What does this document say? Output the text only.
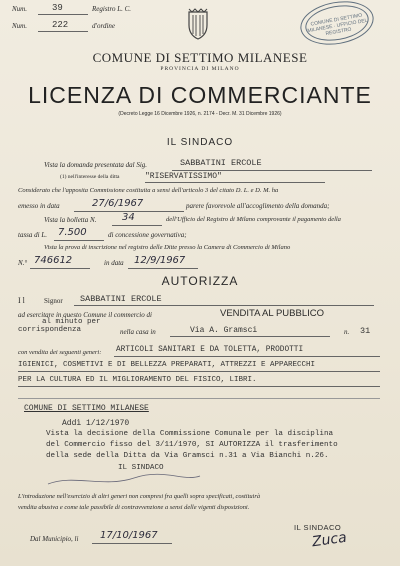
Num.	39	Registro L. C.
Num.	222	d'ordine	COMUNE DI SETTIMO MILANESE · UFFICIO DEL REGISTRO
COMUNE DI SETTIMO MILANESE
PROVINCIA DI MILANO
LICENZA DI COMMERCIANTE
(Decreto Legge 16 Dicembre 1926, n. 2174 - Decr. M. 31 Dicembre 1926)
IL SINDACO
Vista la domanda presentata dal Sig.	SABBATINI ERCOLE
(1) nell'interesse della ditta	"RISERVATISSIMO"
Considerato che l'apposita Commissione costituita a sensi dell'articolo 3 del citato D. L. e D. M. ha
emesso in data	27/6/1967	parere favorevole all'accoglimento della domanda;
Vista la bolletta N.	34	dell'Ufficio del Registro di Milano comprovante il pagamento della
tassa di L. 7.500	di concessione governativa;
Vista la prova di inscrizione nel registro delle Ditte presso la Camera di Commercio di Milano
N.° 746612	in data 12/9/1967
AUTORIZZA
I l	Signor SABBATINI ERCOLE
ad esercitare in questo Comune il commercio di	VENDITA AL PUBBLICO
al minuto per
corrispondenza	nella casa in	Via A. Gramsci	n. 31
con vendita dei seguenti generi: ARTICOLI SANITARI E DA TOLETTA, PRODOTTI
IGIENICI, COSMETIVI E DI BELLEZZA PREPARATI, ATTREZZI E APPARECCHI
PER LA CULTURA ED IL MIGLIORAMENTO DEL FISICO, LIBRI.
COMUNE DI SETTIMO MILANESE
Addì 1/12/1970
Vista la decisione della Commissione Comunale per la disciplina
del Commercio fisso del 3/11/1970, SI AUTORIZZA il trasferimento
della sede della Ditta da Via Gramsci n.31 a Via Bianchi n.26.
IL SINDACO
L'introduzione nell'esercizio di altri generi non compresi fra quelli sopra specificati, costituirà
vendita abusiva e come tale passibile di contravvenzione a sensi delle vigenti disposizioni.
Dal Municipio, li 17/10/1967
IL SINDACO
Zuca
